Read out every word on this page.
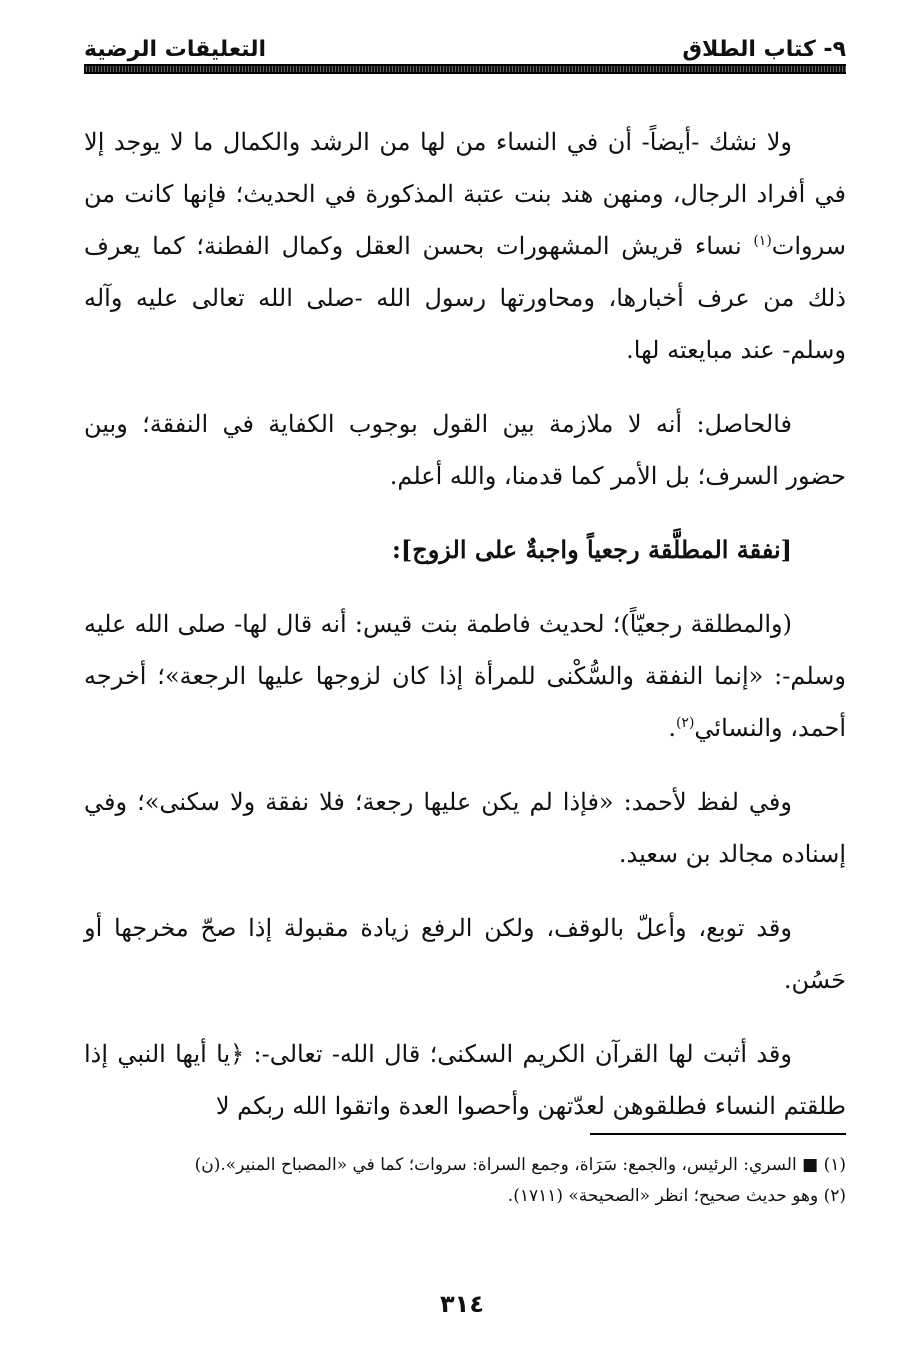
٩- كتاب الطلاق
التعليقات الرضية

ولا نشك -أيضاً- أن في النساء من لها من الرشد والكمال ما لا يوجد إلا في أفراد الرجال، ومنهن هند بنت عتبة المذكورة في الحديث؛ فإنها كانت من سروات$^{(١)}$ نساء قريش المشهورات بحسن العقل وكمال الفطنة؛ كما يعرف ذلك من عرف أخبارها، ومحاورتها رسول الله -صلى الله تعالى عليه وآله وسلم- عند مبايعته لها.

فالحاصل: أنه لا ملازمة بين القول بوجوب الكفاية في النفقة؛ وبين حضور السرف؛ بل الأمر كما قدمنا، والله أعلم.

[نفقة المطلَّقة رجعياً واجبةٌ على الزوج]:

(والمطلقة رجعيّاً)؛ لحديث فاطمة بنت قيس: أنه قال لها- صلى الله عليه وسلم-: «إنما النفقة والسُّكْنى للمرأة إذا كان لزوجها عليها الرجعة»؛ أخرجه أحمد، والنسائي$^{(٢)}$.

وفي لفظ لأحمد: «فإذا لم يكن عليها رجعة؛ فلا نفقة ولا سكنى»؛ وفي إسناده مجالد بن سعيد.

وقد توبع، وأعلّ بالوقف، ولكن الرفع زيادة مقبولة إذا صحّ مخرجها أو حَسُن.

وقد أثبت لها القرآن الكريم السكنى؛ قال الله- تعالى-: ﴿يا أيها النبي إذا طلقتم النساء فطلقوهن لعدّتهن وأحصوا العدة واتقوا الله ربكم لا

(١) ■ السري: الرئيس، والجمع: سَرَاة، وجمع السراة: سروات؛ كما في «المصباح المنير».(ن)

(٢) وهو حديث صحيح؛ انظر «الصحيحة» (١٧١١).

٣١٤
